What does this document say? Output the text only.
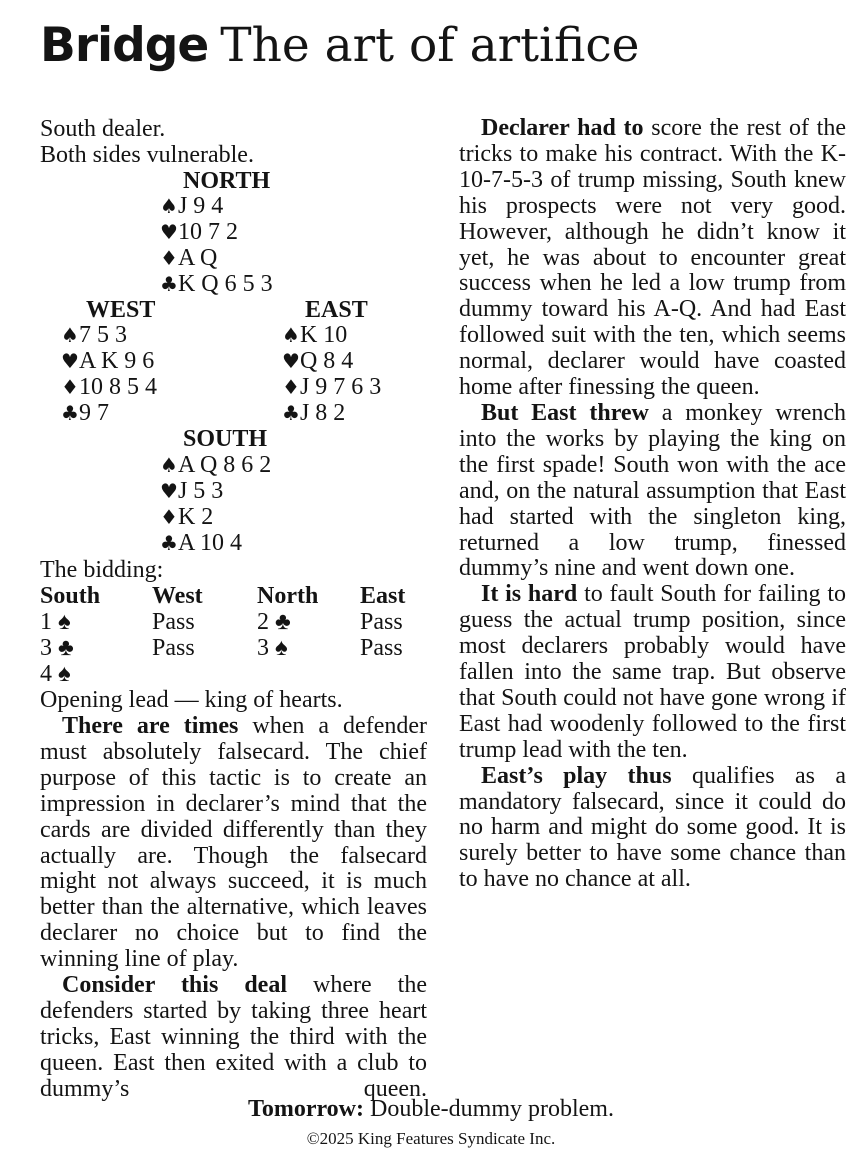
Bridge The art of artifice
South dealer.
Both sides vulnerable.
NORTH
♠J 9 4
♥10 7 2
♦A Q
♣K Q 6 5 3
WEST
♠7 5 3
♥A K 9 6
♦10 8 5 4
♣9 7
EAST
♠K 10
♥Q 8 4
♦J 9 7 6 3
♣J 8 2
SOUTH
♠A Q 8 6 2
♥J 5 3
♦K 2
♣A 10 4
The bidding:
South West North East
1 ♠	Pass	2 ♣	Pass
3 ♣	Pass	3 ♠	Pass
4 ♠
Opening lead — king of hearts.

There are times when a defender must absolutely falsecard. The chief purpose of this tactic is to create an impression in declarer’s mind that the cards are divided differently than they actually are. Though the falsecard might not always succeed, it is much better than the alternative, which leaves declarer no choice but to find the winning line of play.

Consider this deal where the defenders started by taking three heart tricks, East winning the third with the queen. East then exited with a club to dummy’s queen.

Declarer had to score the rest of the tricks to make his contract. With the K-10-7-5-3 of trump missing, South knew his prospects were not very good. However, although he didn’t know it yet, he was about to encounter great success when he led a low trump from dummy toward his A-Q. And had East followed suit with the ten, which seems normal, declarer would have coasted home after finessing the queen.

But East threw a monkey wrench into the works by playing the king on the first spade! South won with the ace and, on the natural assumption that East had started with the singleton king, returned a low trump, finessed dummy’s nine and went down one.

It is hard to fault South for failing to guess the actual trump position, since most declarers probably would have fallen into the same trap. But observe that South could not have gone wrong if East had woodenly followed to the first trump lead with the ten.

East’s play thus qualifies as a mandatory falsecard, since it could do no harm and might do some good. It is surely better to have some chance than to have no chance at all.

Tomorrow: Double-dummy problem.
©2025 King Features Syndicate Inc.
